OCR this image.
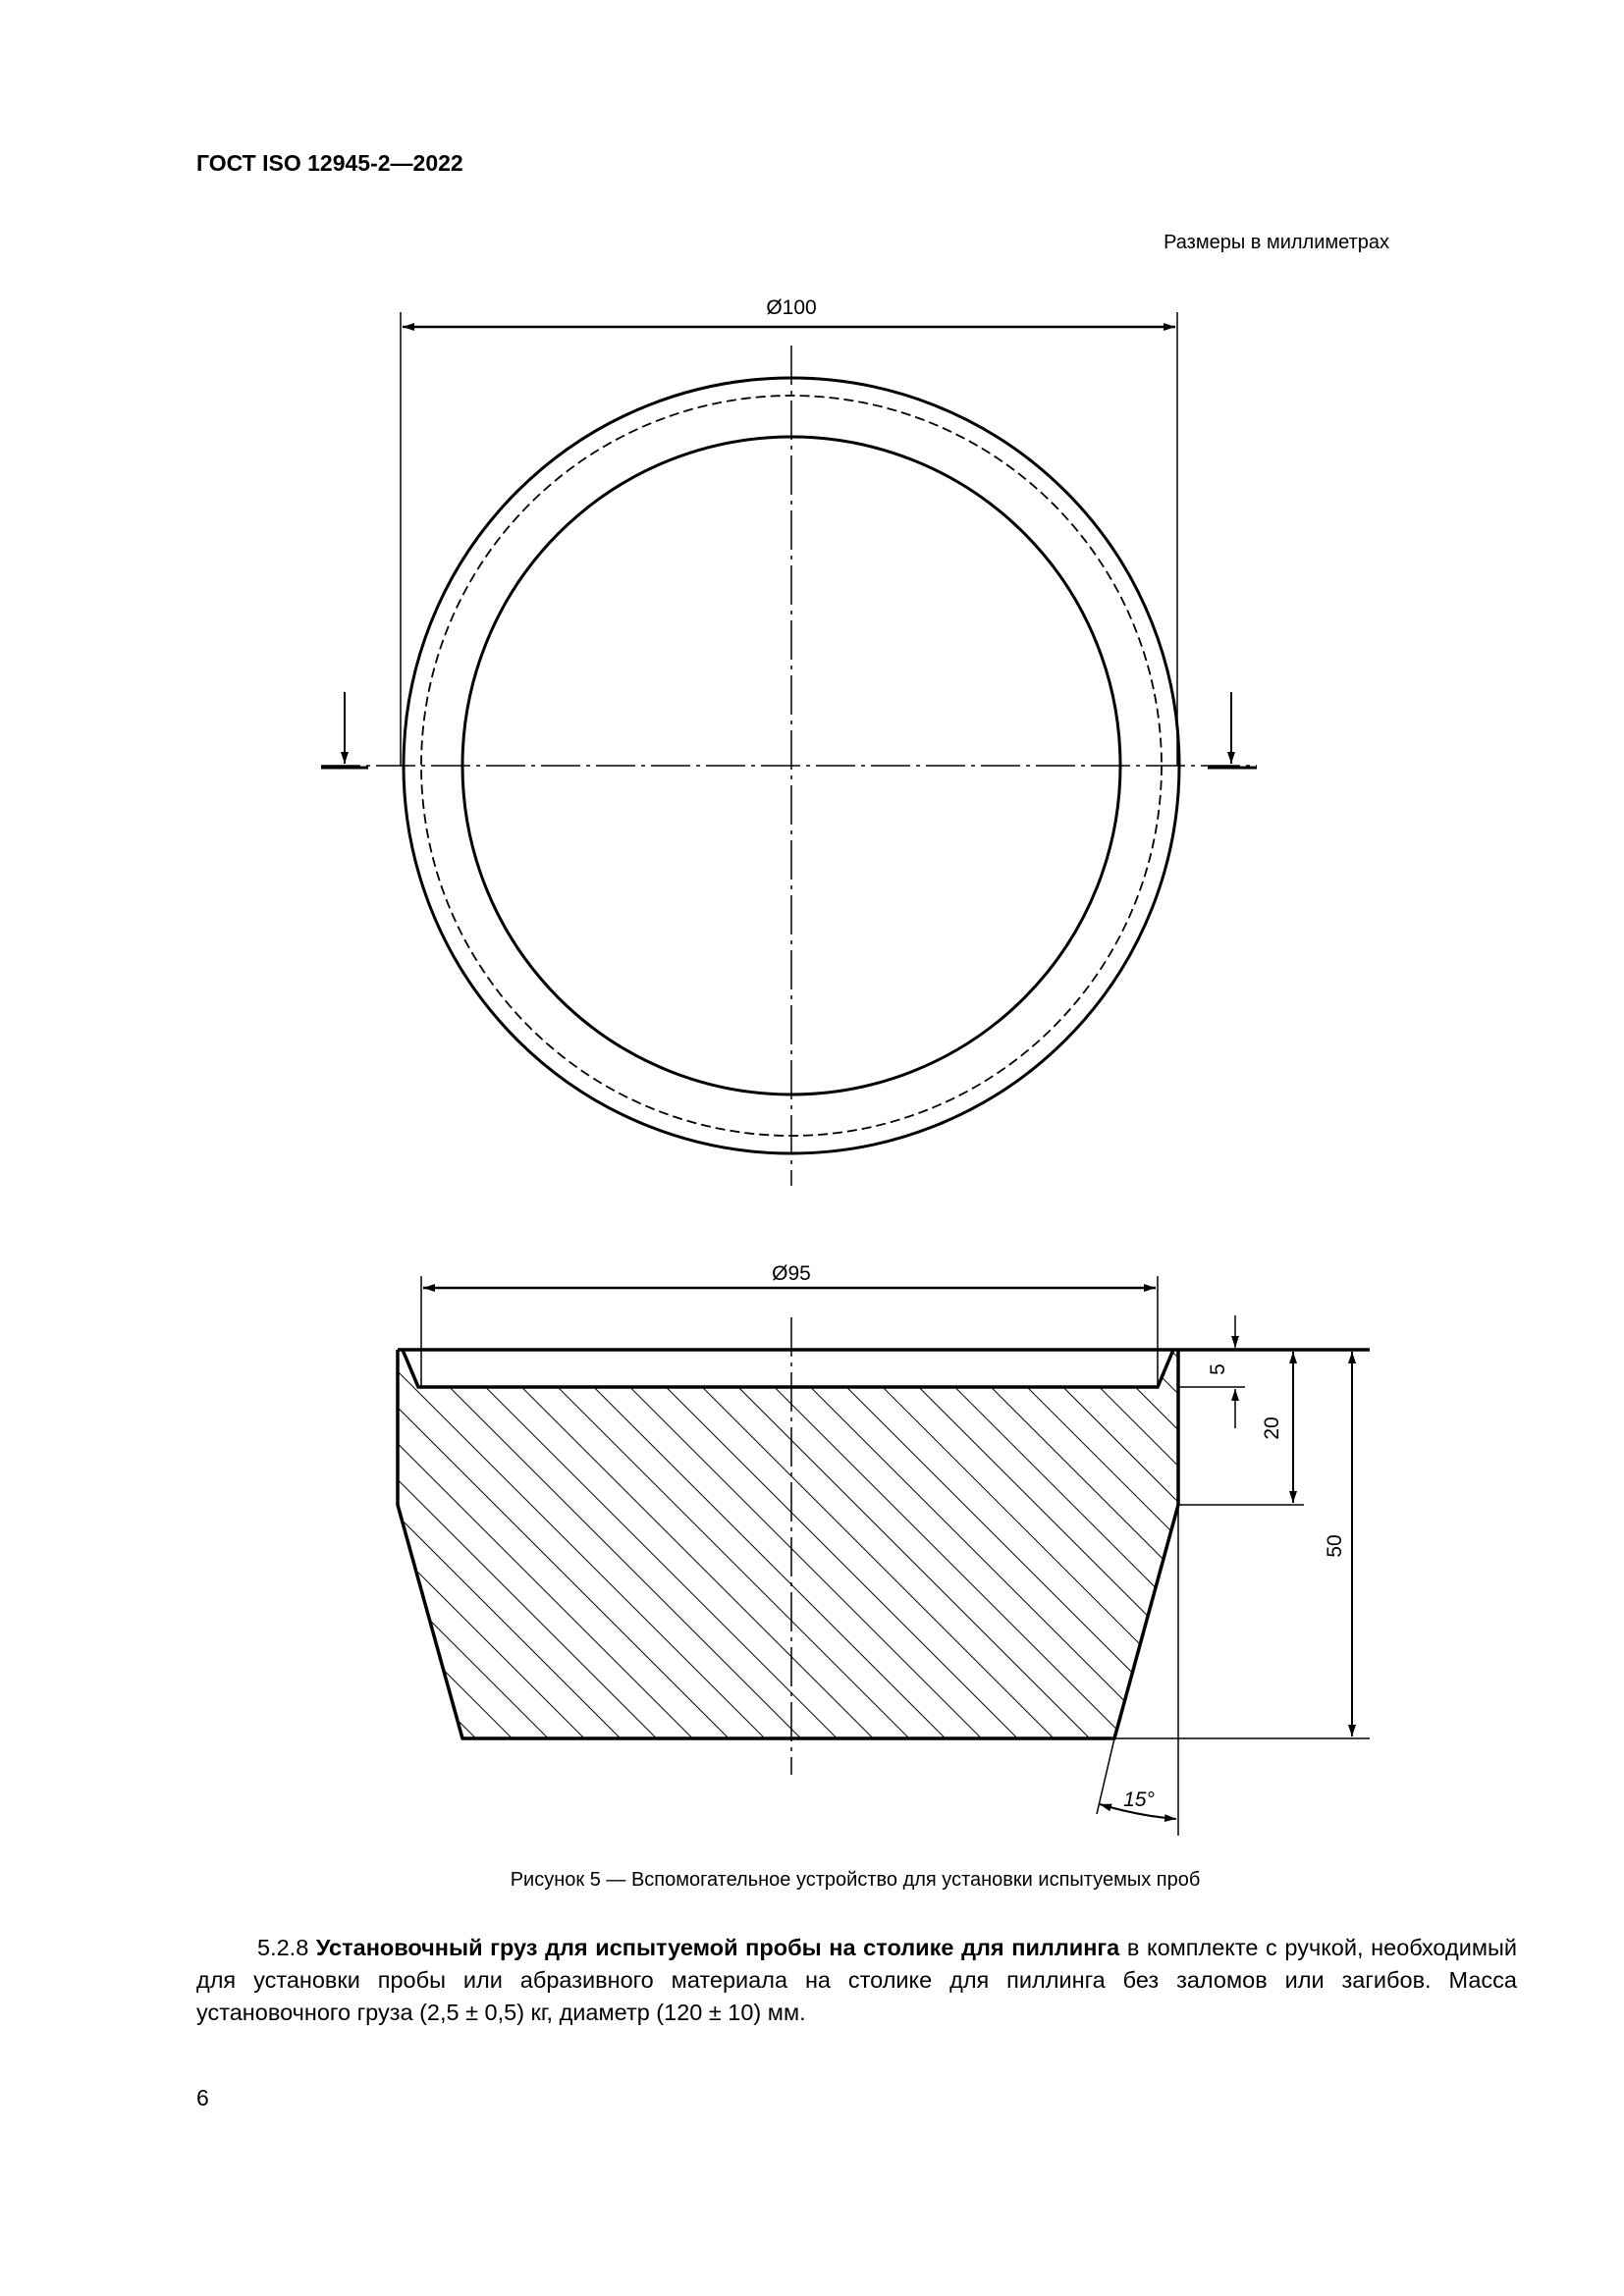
ГОСТ ISO 12945-2—2022
Размеры в миллиметрах
Ø100
Ø95
5
20
50
15°
Рисунок 5 — Вспомогательное устройство для установки испытуемых проб
5.2.8 Установочный груз для испытуемой пробы на столике для пиллинга в комплекте с ручкой, необходимый для установки пробы или абразивного материала на столике для пиллинга без заломов или загибов. Масса установочного груза (2,5 ± 0,5) кг, диаметр (120 ± 10) мм.
6
